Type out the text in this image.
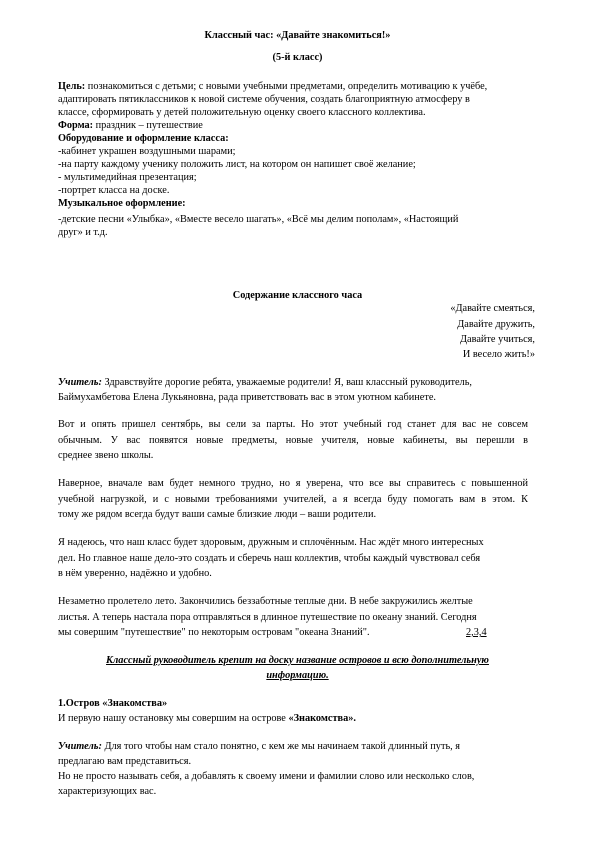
Классный час: «Давайте знакомиться!»
(5-й класс)
Цель: познакомиться с детьми; с новыми учебными предметами, определить мотивацию к учёбе,
адаптировать пятиклассников к новой системе обучения, создать благоприятную атмосферу в
классе, сформировать у детей положительную оценку своего классного коллектива.
Форма: праздник – путешествие
Оборудование и оформление класса:
-кабинет украшен воздушными шарами;
-на парту каждому ученику положить лист, на котором он напишет своё желание;
- мультимедийная презентация;
-портрет класса на доске.
Музыкальное оформление:
-детские песни «Улыбка», «Вместе весело шагать», «Всё мы делим пополам», «Настоящий
друг» и т.д.
Содержание классного часа
«Давайте смеяться,
Давайте дружить,
Давайте учиться,
И весело жить!»
Учитель: Здравствуйте дорогие ребята, уважаемые родители! Я, ваш классный руководитель,
Баймухамбетова Елена Лукьяновна, рада приветствовать вас в этом уютном кабинете.
Вот и опять пришел сентябрь, вы сели за парты. Но этот учебный год станет для вас не совсем
обычным. У вас появятся новые предметы, новые учителя, новые кабинеты, вы перешли в
среднее звено школы.
Наверное, вначале вам будет немного трудно, но я уверена, что все вы справитесь с повышенной
учебной нагрузкой, и с новыми требованиями учителей, а я всегда буду помогать вам в этом. К
тому же рядом всегда будут ваши самые близкие люди – ваши родители.
Я надеюсь, что наш класс будет здоровым, дружным и сплочённым. Нас ждёт много интересных
дел. Но главное наше дело-это создать и сберечь наш коллектив, чтобы каждый чувствовал себя
в нём уверенно, надёжно и удобно.
Незаметно пролетело лето. Закончились беззаботные теплые дни. В небе закружились желтые
листья. А теперь настала пора отправляться в длинное путешествие по океану знаний. Сегодня
мы совершим "путешествие" по некоторым островам "океана Знаний".	2,3,4
Классный руководитель крепит на доску название островов и всю дополнительную
информацию.
1.Остров «Знакомства»
И первую нашу остановку мы совершим на острове «Знакомства».
Учитель: Для того чтобы нам стало понятно, с кем же мы начинаем такой длинный путь, я
предлагаю вам представиться.
Но не просто называть себя, а добавлять к своему имени и фамилии слово или несколько слов,
характеризующих вас.
